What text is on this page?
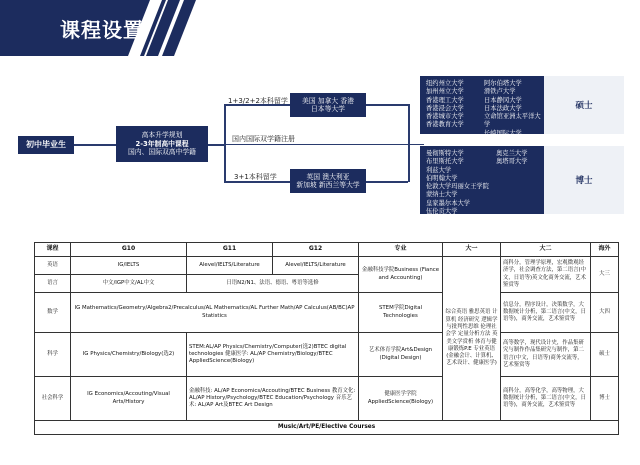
课程设置
初中毕业生
高本升学规划
2-3年制高中课程
国内、国际双高中学籍
1+3/2+2本科留学
国内国际双学籍注册
3+1本科留学
美国 加拿大 香港
日本等大学
英国 澳大利亚
新加坡 新西兰等大学
纽约州立大学
加州州立大学
香港理工大学
香港浸会大学
香港城市大学
香港教育大学
阿尔伯塔大学
滑铁卢大学
日本静冈大学
日本法政大学
立命馆亚洲太平洋大学
长崎国际大学
曼彻斯特大学
布里斯托大学
利兹大学
伯明翰大学
伦敦大学玛丽女王学院
蒙纳士大学
皇家墨尔本大学
伍伦贡大学
奥克兰大学
奥塔哥大学
硕士
博士
课程	G10	G11	G12	专业	大一	大二	海外
英语	IG/IELTS	Alevel/IELTS/Literature	Alevel/IELTS/Literature	金融科技学院Business (Fiance and Accounting)	综合英语 雅思英语 计算机 经济研究 逻辑学与批判性思维 伦理社会学 定量分析方法 英美文学赏析 体育与健康锻炼P.E 专业英语 (金融会计、计算机、艺术设计、健康医学)	商科分，管理学原理，宏观微观经济学，社会调查方法，第二语言(中文，日语等)英文化商务交流，艺术鉴赏等	大三
语言	中文/IGP中文/AL中文	日语N2/N1、法语、德语、粤语等选修					
数学	IG Mathematics/Geometry/Algebra2/Precalculus/AL Mathematics/AL Further Math/AP Calculus(AB/BC)AP Statistics			STEM学院Digital Technologies		信息分，程序设计，决策数学，大数据统计分析，第二语言(中文，日语等)，商务交流，艺术鉴赏等	大四
科学	IG Physics/Chemistry/Biology(选2)	STEM:AL/AP Physics/Chemistry/Computer(选2)BTEC digital technologies 健康医学: AL/AP Chemistry/Biology/BTEC AppliedScience(Biology)		艺术体育学院Art&Design (Digital Design)		高等数学，现代设计史，作品集研究与制作作品集研究与制作，第二语言(中文，日语等)商务交流等，艺术鉴赏等	硕士
社会科学	IG Economics/Accouting/Visual Arts/History	金融科技: AL/AP Economics/Accouting/BTEC Business 教育文化: AL/AP History/Psychology/BTEC Education/Psychology 音乐艺术: AL/AP Art及BTEC Art Design		健康医学学院 AppliedScience(Biology)		商科分，高等化学，高等物理，大数据统计分析，第二语言(中文，日语等)，商务交流，艺术鉴赏等	博士
Music/Art/PE/Elective Courses							
